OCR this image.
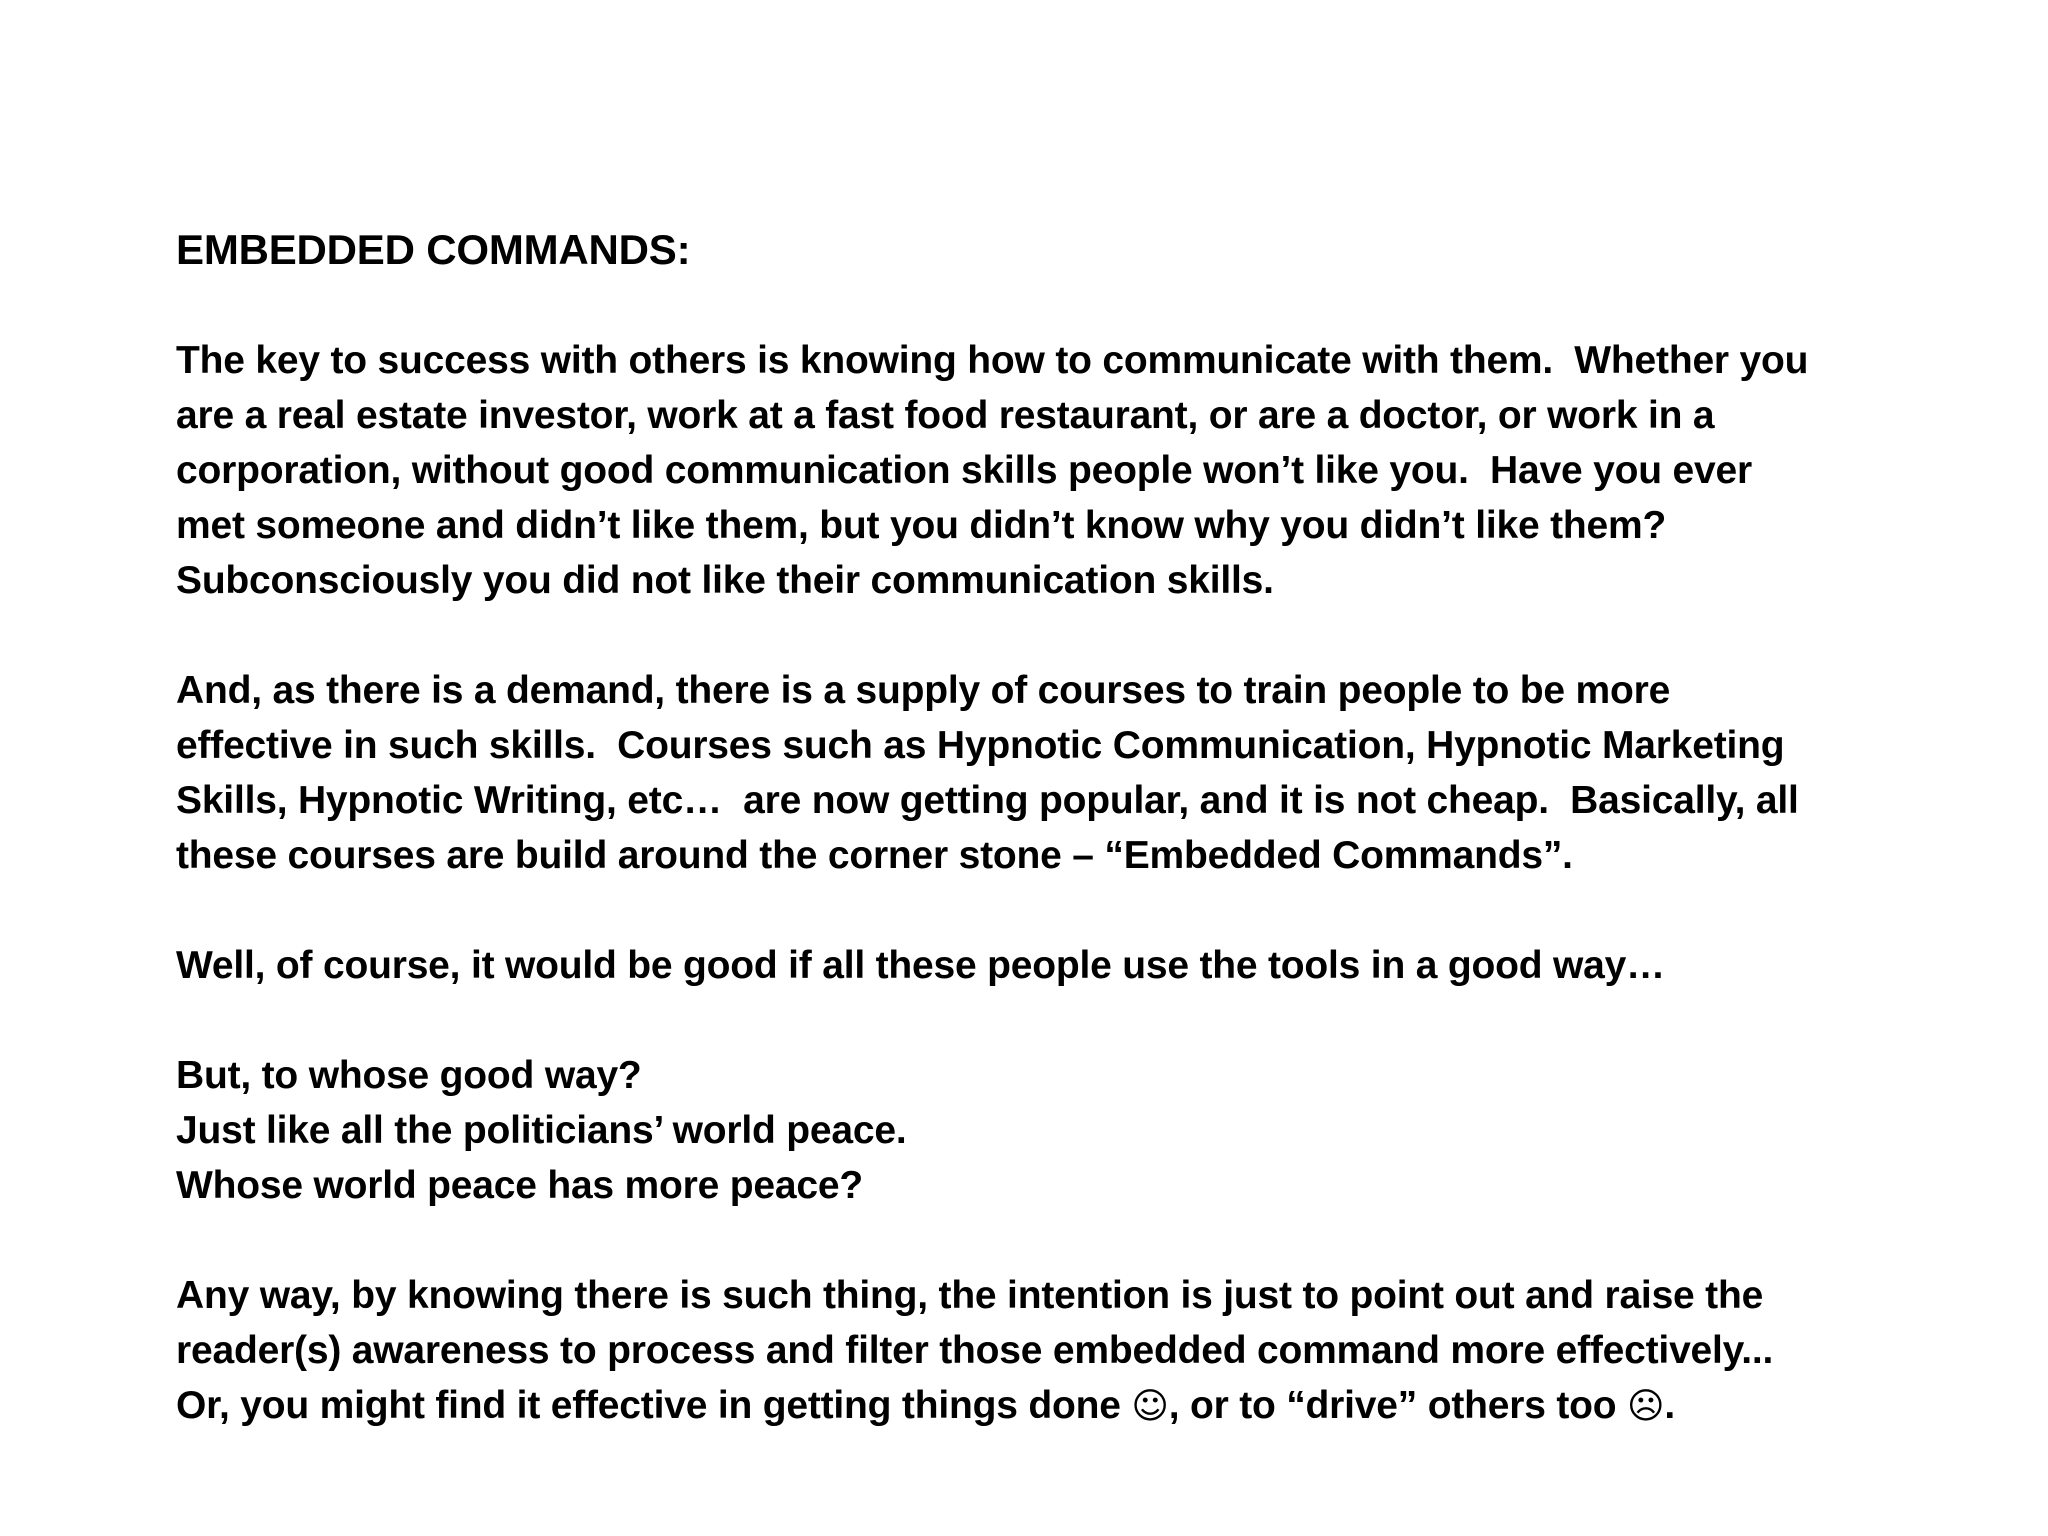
EMBEDDED COMMANDS:

The key to success with others is knowing how to communicate with them.  Whether you

are a real estate investor, work at a fast food restaurant, or are a doctor, or work in a

corporation, without good communication skills people won’t like you.  Have you ever

met someone and didn’t like them, but you didn’t know why you didn’t like them?

Subconsciously you did not like their communication skills.

And, as there is a demand, there is a supply of courses to train people to be more

effective in such skills.  Courses such as Hypnotic Communication, Hypnotic Marketing

Skills, Hypnotic Writing, etc…  are now getting popular, and it is not cheap.  Basically, all

these courses are build around the corner stone – “Embedded Commands”.

Well, of course, it would be good if all these people use the tools in a good way…

But, to whose good way?

Just like all the politicians’ world peace.

Whose world peace has more peace?

Any way, by knowing there is such thing, the intention is just to point out and raise the

reader(s) awareness to process and filter those embedded command more effectively...

Or, you might find it effective in getting things done ☺, or to “drive” others too ☹.
